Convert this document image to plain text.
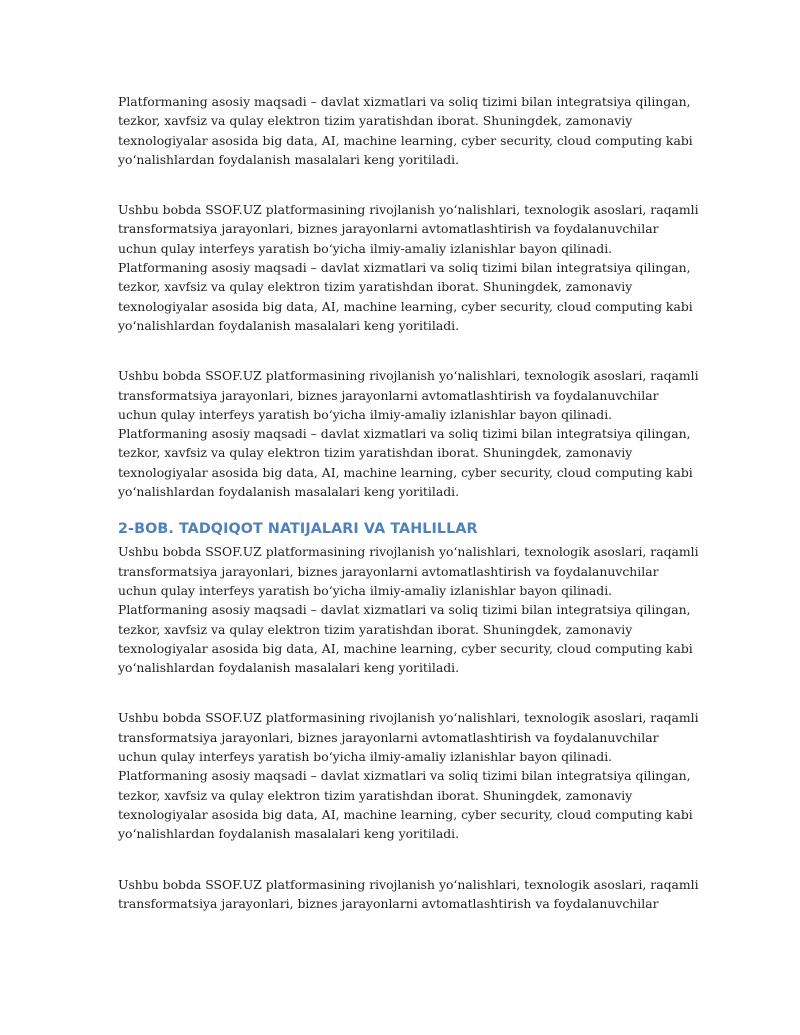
Platformaning asosiy maqsadi – davlat xizmatlari va soliq tizimi bilan integratsiya qilingan,
tezkor, xavfsiz va qulay elektron tizim yaratishdan iborat. Shuningdek, zamonaviy
texnologiyalar asosida big data, AI, machine learning, cyber security, cloud computing kabi
yo‘nalishlardan foydalanish masalalari keng yoritiladi.

Ushbu bobda SSOF.UZ platformasining rivojlanish yo‘nalishlari, texnologik asoslari, raqamli
transformatsiya jarayonlari, biznes jarayonlarni avtomatlashtirish va foydalanuvchilar
uchun qulay interfeys yaratish bo‘yicha ilmiy-amaliy izlanishlar bayon qilinadi.
Platformaning asosiy maqsadi – davlat xizmatlari va soliq tizimi bilan integratsiya qilingan,
tezkor, xavfsiz va qulay elektron tizim yaratishdan iborat. Shuningdek, zamonaviy
texnologiyalar asosida big data, AI, machine learning, cyber security, cloud computing kabi
yo‘nalishlardan foydalanish masalalari keng yoritiladi.

Ushbu bobda SSOF.UZ platformasining rivojlanish yo‘nalishlari, texnologik asoslari, raqamli
transformatsiya jarayonlari, biznes jarayonlarni avtomatlashtirish va foydalanuvchilar
uchun qulay interfeys yaratish bo‘yicha ilmiy-amaliy izlanishlar bayon qilinadi.
Platformaning asosiy maqsadi – davlat xizmatlari va soliq tizimi bilan integratsiya qilingan,
tezkor, xavfsiz va qulay elektron tizim yaratishdan iborat. Shuningdek, zamonaviy
texnologiyalar asosida big data, AI, machine learning, cyber security, cloud computing kabi
yo‘nalishlardan foydalanish masalalari keng yoritiladi.

2-BOB. TADQIQOT NATIJALARI VA TAHLILLAR

Ushbu bobda SSOF.UZ platformasining rivojlanish yo‘nalishlari, texnologik asoslari, raqamli
transformatsiya jarayonlari, biznes jarayonlarni avtomatlashtirish va foydalanuvchilar
uchun qulay interfeys yaratish bo‘yicha ilmiy-amaliy izlanishlar bayon qilinadi.
Platformaning asosiy maqsadi – davlat xizmatlari va soliq tizimi bilan integratsiya qilingan,
tezkor, xavfsiz va qulay elektron tizim yaratishdan iborat. Shuningdek, zamonaviy
texnologiyalar asosida big data, AI, machine learning, cyber security, cloud computing kabi
yo‘nalishlardan foydalanish masalalari keng yoritiladi.

Ushbu bobda SSOF.UZ platformasining rivojlanish yo‘nalishlari, texnologik asoslari, raqamli
transformatsiya jarayonlari, biznes jarayonlarni avtomatlashtirish va foydalanuvchilar
uchun qulay interfeys yaratish bo‘yicha ilmiy-amaliy izlanishlar bayon qilinadi.
Platformaning asosiy maqsadi – davlat xizmatlari va soliq tizimi bilan integratsiya qilingan,
tezkor, xavfsiz va qulay elektron tizim yaratishdan iborat. Shuningdek, zamonaviy
texnologiyalar asosida big data, AI, machine learning, cyber security, cloud computing kabi
yo‘nalishlardan foydalanish masalalari keng yoritiladi.

Ushbu bobda SSOF.UZ platformasining rivojlanish yo‘nalishlari, texnologik asoslari, raqamli
transformatsiya jarayonlari, biznes jarayonlarni avtomatlashtirish va foydalanuvchilar
